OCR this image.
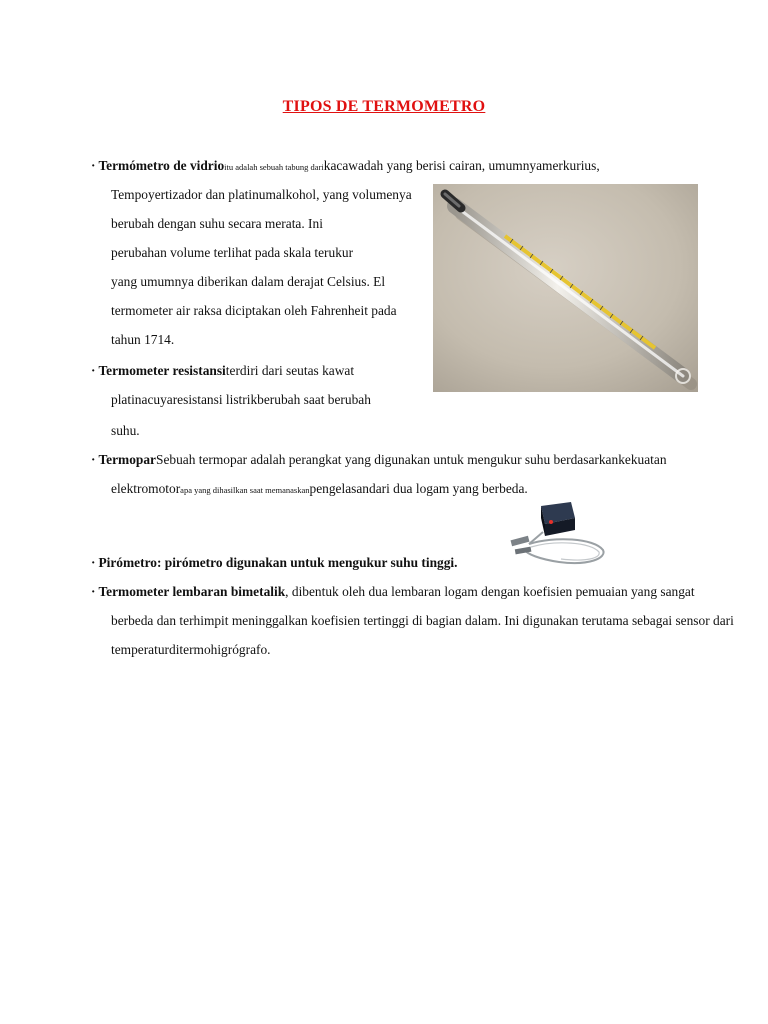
TIPOS DE TERMOMETRO
· Termómetro de vidrioitu adalah sebuah tabung darikacawadah yang berisi cairan, umumnyamerkurius,
Tempoyertizador dan platinumalkohol, yang volumenya
berubah dengan suhu secara merata. Ini
perubahan volume terlihat pada skala terukur
yang umumnya diberikan dalam derajat Celsius. El
termometer air raksa diciptakan oleh Fahrenheit pada
tahun 1714.
· Termometer resistansiterdiri dari seutas kawat
platinacuyaresistansi listrikberubah saat berubah
suhu.
· TermoparSebuah termopar adalah perangkat yang digunakan untuk mengukur suhu berdasarkankekuatan
elektromotorapa yang dihasilkan saat memanaskanpengelasandari dua logam yang berbeda.
· Pirómetro: pirómetro digunakan untuk mengukur suhu tinggi.
· Termometer lembaran bimetalik, dibentuk oleh dua lembaran logam dengan koefisien pemuaian yang sangat
berbeda dan terhimpit meninggalkan koefisien tertinggi di bagian dalam. Ini digunakan terutama sebagai sensor dari
temperaturditermohigrógrafo.
